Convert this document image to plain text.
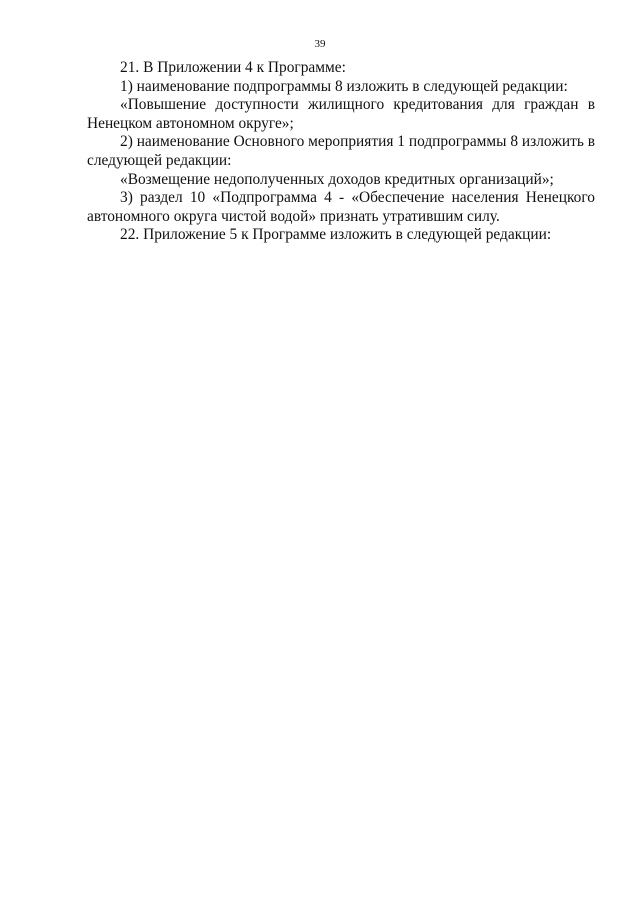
39

21. В Приложении 4 к Программе:

1) наименование подпрограммы 8 изложить в следующей редакции:

«Повышение доступности жилищного кредитования для граждан в Ненецком автономном округе»;

2) наименование Основного мероприятия 1 подпрограммы 8 изложить в следующей редакции:

«Возмещение недополученных доходов кредитных организаций»;

3) раздел 10 «Подпрограмма 4 - «Обеспечение населения Ненецкого автономного округа чистой водой» признать утратившим силу.

22. Приложение 5 к Программе изложить в следующей редакции:
